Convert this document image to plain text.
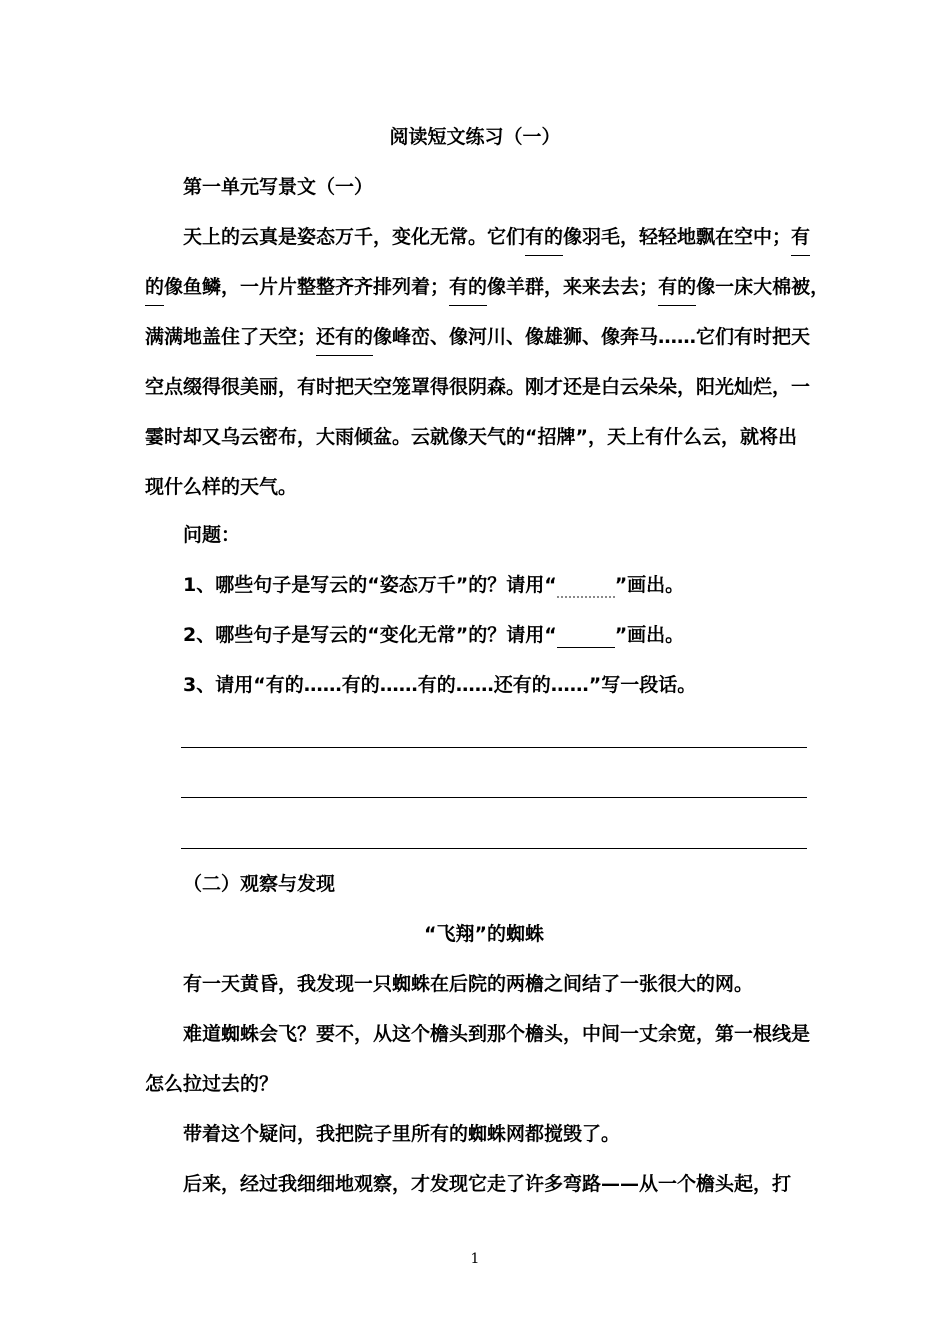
阅读短文练习（一）
第一单元写景文（一）
天上的云真是姿态万千，变化无常。它们有的像羽毛，轻轻地飘在空中；有
的像鱼鳞，一片片整整齐齐排列着；有的像羊群，来来去去；有的像一床大棉被，
满满地盖住了天空；还有的像峰峦、像河川、像雄狮、像奔马……它们有时把天
空点缀得很美丽，有时把天空笼罩得很阴森。刚才还是白云朵朵，阳光灿烂，一
霎时却又乌云密布，大雨倾盆。云就像天气的“招牌”，天上有什么云，就将出
现什么样的天气。
问题：
1、哪些句子是写云的“姿态万千”的？请用“	”画出。
2、哪些句子是写云的“变化无常”的？请用“	”画出。
3、请用“有的……有的……有的……还有的……”写一段话。
（二）观察与发现
“飞翔”的蜘蛛
有一天黄昏，我发现一只蜘蛛在后院的两檐之间结了一张很大的网。
难道蜘蛛会飞？要不，从这个檐头到那个檐头，中间一丈余宽，第一根线是
怎么拉过去的？
带着这个疑问，我把院子里所有的蜘蛛网都搅毁了。
后来，经过我细细地观察，才发现它走了许多弯路——从一个檐头起，打
1
